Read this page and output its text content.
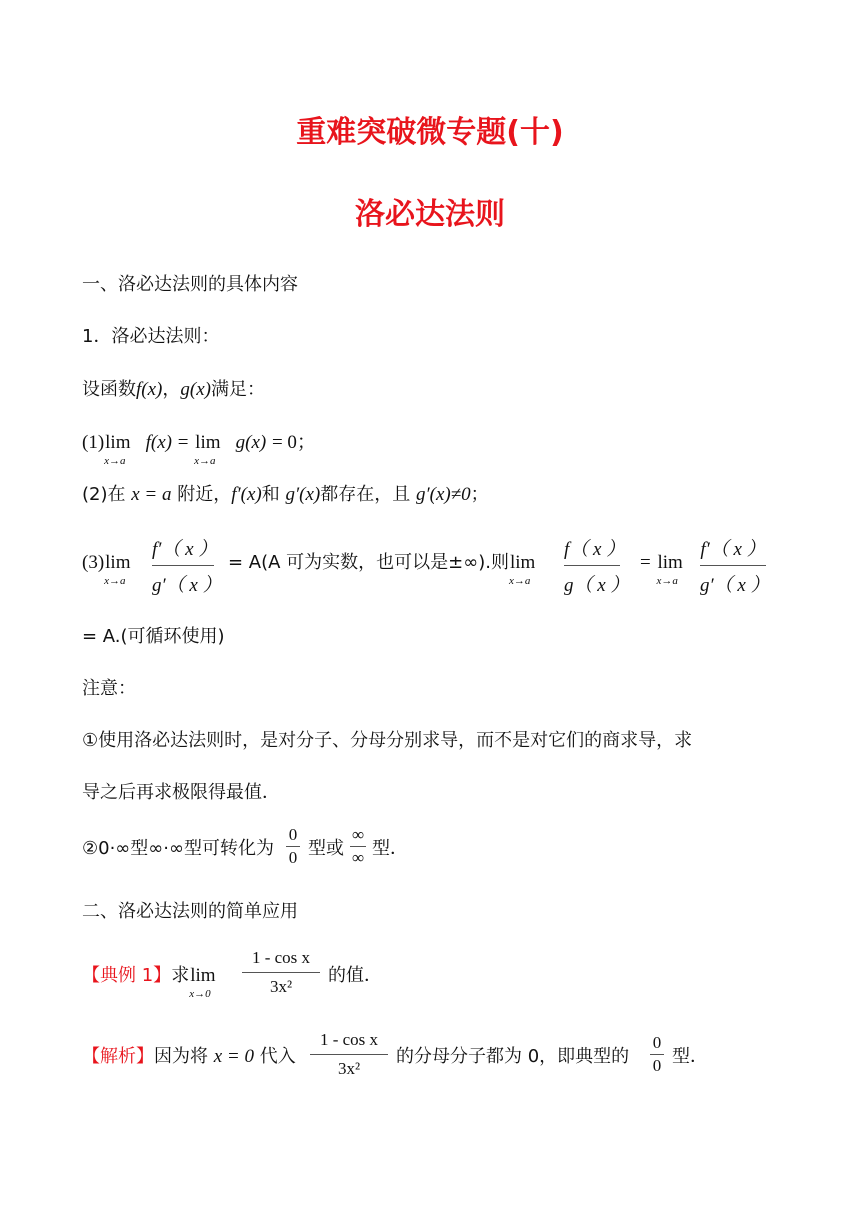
重难突破微专题(十)
洛必达法则
一、洛必达法则的具体内容
1．洛必达法则：
设函数f(x)，g(x)满足：
(1) lim
x→a
f(x) = lim
x→a
g(x) = 0；
(2)在 x = a 附近，f′(x)和 g′(x)都存在，且 g′(x)≠0；
(3) lim
x→a
f′（ x ）
g′（ x ）
= A(A 可为实数，也可以是±∞).则 lim
x→a
f（ x ）
g（ x ）
= lim
x→a
f′（ x ）
g′（ x ）
= A.(可循环使用)
注意：
①使用洛必达法则时，是对分子、分母分别求导，而不是对它们的商求导，求
导之后再求极限得最值．
②0·∞型∞·∞型可转化为
0
0 型或
∞
∞ 型．
二、洛必达法则的简单应用
【典例 1】求 lim
x→0
1 - cos x
3x²
的值．
【解析】因为将 x = 0 代入
1 - cos x
3x²
的分母分子都为 0，即典型的
0
0 型．
